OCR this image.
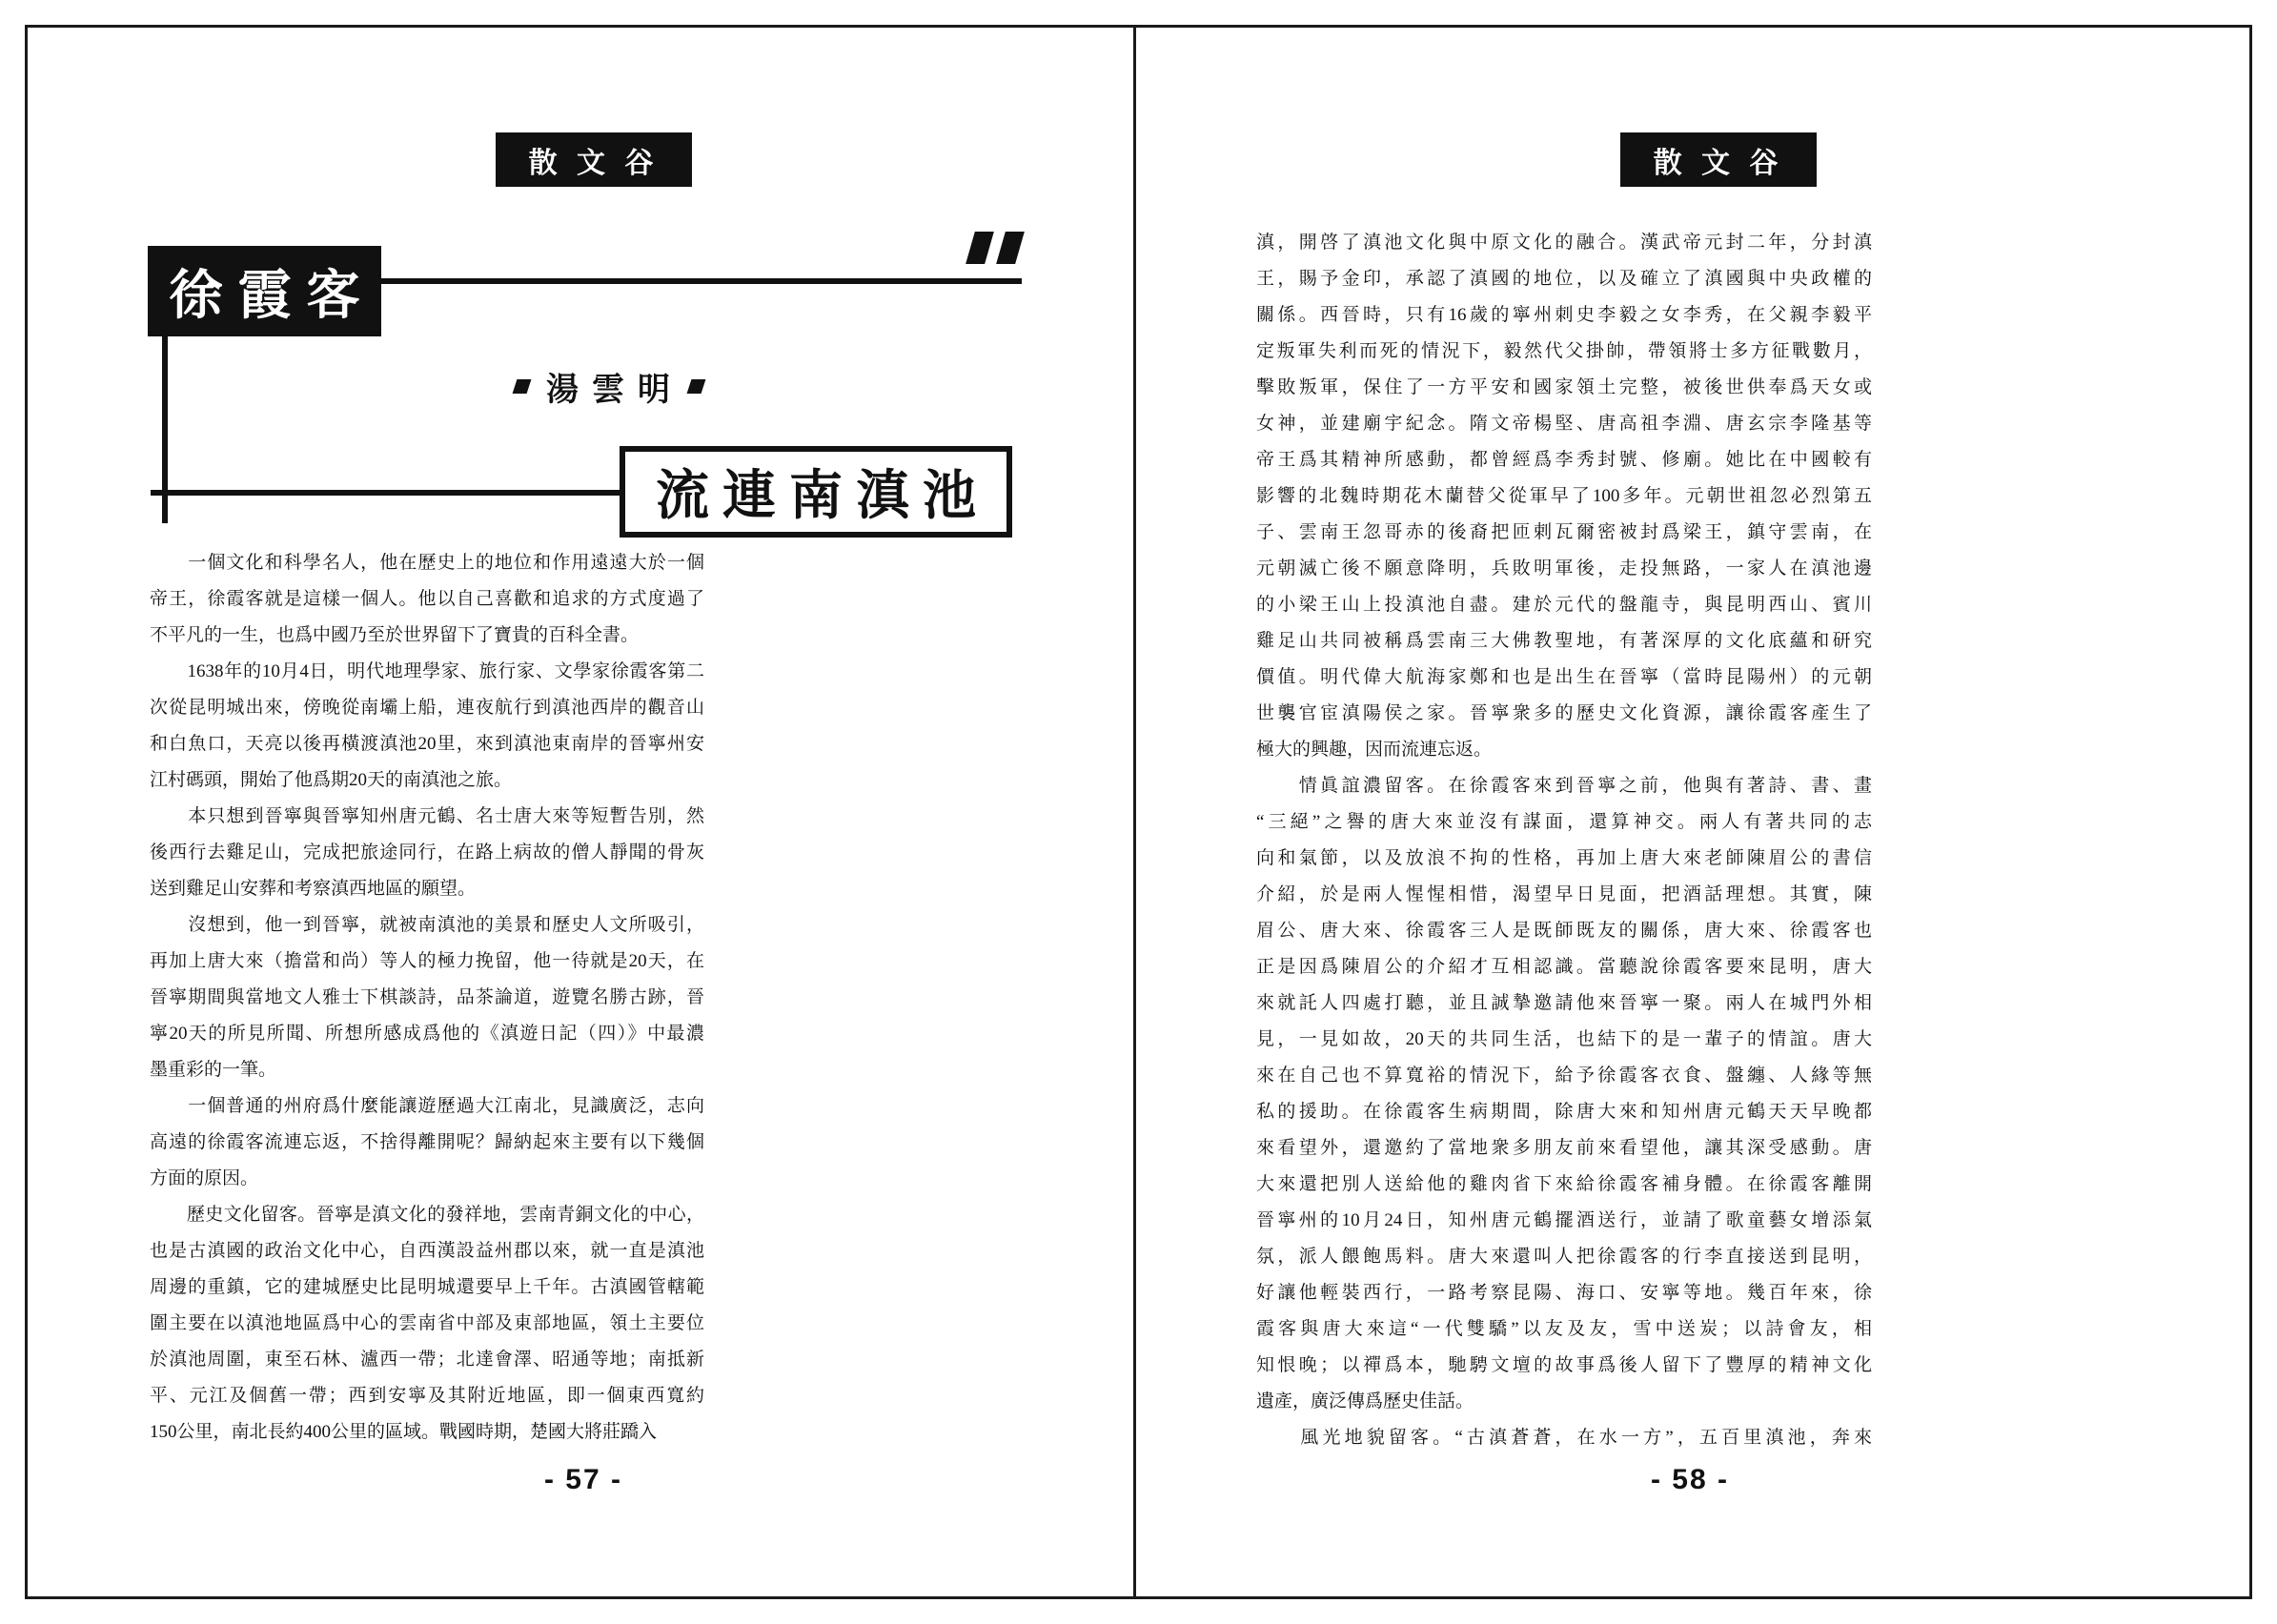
散 文 谷
徐霞客
湯雲明
流連南滇池
　　一個文化和科學名人，他在歷史上的地位和作用遠遠大於一個
帝王，徐霞客就是這樣一個人。他以自己喜歡和追求的方式度過了
不平凡的一生，也爲中國乃至於世界留下了寶貴的百科全書。
　　1638年的10月4日，明代地理學家、旅行家、文學家徐霞客第二
次從昆明城出來，傍晚從南壩上船，連夜航行到滇池西岸的觀音山
和白魚口，天亮以後再橫渡滇池20里，來到滇池東南岸的晉寧州安
江村碼頭，開始了他爲期20天的南滇池之旅。
　　本只想到晉寧與晉寧知州唐元鶴、名士唐大來等短暫告別，然
後西行去雞足山，完成把旅途同行，在路上病故的僧人靜聞的骨灰
送到雞足山安葬和考察滇西地區的願望。
　　沒想到，他一到晉寧，就被南滇池的美景和歷史人文所吸引，
再加上唐大來（擔當和尚）等人的極力挽留，他一待就是20天，在
晉寧期間與當地文人雅士下棋談詩，品茶論道，遊覽名勝古跡，晉
寧20天的所見所聞、所想所感成爲他的《滇遊日記（四）》中最濃
墨重彩的一筆。
　　一個普通的州府爲什麼能讓遊歷過大江南北，見識廣泛，志向
高遠的徐霞客流連忘返，不捨得離開呢？歸納起來主要有以下幾個
方面的原因。
　　歷史文化留客。晉寧是滇文化的發祥地，雲南青銅文化的中心，
也是古滇國的政治文化中心，自西漢設益州郡以來，就一直是滇池
周邊的重鎮，它的建城歷史比昆明城還要早上千年。古滇國管轄範
圍主要在以滇池地區爲中心的雲南省中部及東部地區，領土主要位
於滇池周圍，東至石林、瀘西一帶；北達會澤、昭通等地；南抵新
平、元江及個舊一帶；西到安寧及其附近地區，即一個東西寬約
150公里，南北長約400公里的區域。戰國時期，楚國大將莊蹻入
- 57 -
散 文 谷
滇，開啓了滇池文化與中原文化的融合。漢武帝元封二年，分封滇
王，賜予金印，承認了滇國的地位，以及確立了滇國與中央政權的
關係。西晉時，只有16歲的寧州刺史李毅之女李秀，在父親李毅平
定叛軍失利而死的情況下，毅然代父掛帥，帶領將士多方征戰數月，
擊敗叛軍，保住了一方平安和國家領土完整，被後世供奉爲天女或
女神，並建廟宇紀念。隋文帝楊堅、唐高祖李淵、唐玄宗李隆基等
帝王爲其精神所感動，都曾經爲李秀封號、修廟。她比在中國較有
影響的北魏時期花木蘭替父從軍早了100多年。元朝世祖忽必烈第五
子、雲南王忽哥赤的後裔把匝剌瓦爾密被封爲梁王，鎮守雲南，在
元朝滅亡後不願意降明，兵敗明軍後，走投無路，一家人在滇池邊
的小梁王山上投滇池自盡。建於元代的盤龍寺，與昆明西山、賓川
雞足山共同被稱爲雲南三大佛教聖地，有著深厚的文化底蘊和研究
價值。明代偉大航海家鄭和也是出生在晉寧（當時昆陽州）的元朝
世襲官宦滇陽侯之家。晉寧衆多的歷史文化資源，讓徐霞客產生了
極大的興趣，因而流連忘返。
　　情眞誼濃留客。在徐霞客來到晉寧之前，他與有著詩、書、畫
“三絕”之譽的唐大來並沒有謀面，還算神交。兩人有著共同的志
向和氣節，以及放浪不拘的性格，再加上唐大來老師陳眉公的書信
介紹，於是兩人惺惺相惜，渴望早日見面，把酒話理想。其實，陳
眉公、唐大來、徐霞客三人是既師既友的關係，唐大來、徐霞客也
正是因爲陳眉公的介紹才互相認識。當聽說徐霞客要來昆明，唐大
來就託人四處打聽，並且誠摯邀請他來晉寧一聚。兩人在城門外相
見，一見如故，20天的共同生活，也結下的是一輩子的情誼。唐大
來在自己也不算寬裕的情況下，給予徐霞客衣食、盤纏、人緣等無
私的援助。在徐霞客生病期間，除唐大來和知州唐元鶴天天早晚都
來看望外，還邀約了當地衆多朋友前來看望他，讓其深受感動。唐
大來還把別人送給他的雞肉省下來給徐霞客補身體。在徐霞客離開
晉寧州的10月24日，知州唐元鶴擺酒送行，並請了歌童藝女增添氣
氛，派人餵飽馬料。唐大來還叫人把徐霞客的行李直接送到昆明，
好讓他輕裝西行，一路考察昆陽、海口、安寧等地。幾百年來，徐
霞客與唐大來這“一代雙驕”以友及友，雪中送炭；以詩會友，相
知恨晚；以禪爲本，馳騁文壇的故事爲後人留下了豐厚的精神文化
遺產，廣泛傳爲歷史佳話。
　　風光地貌留客。“古滇蒼蒼，在水一方”，五百里滇池，奔來
- 58 -
